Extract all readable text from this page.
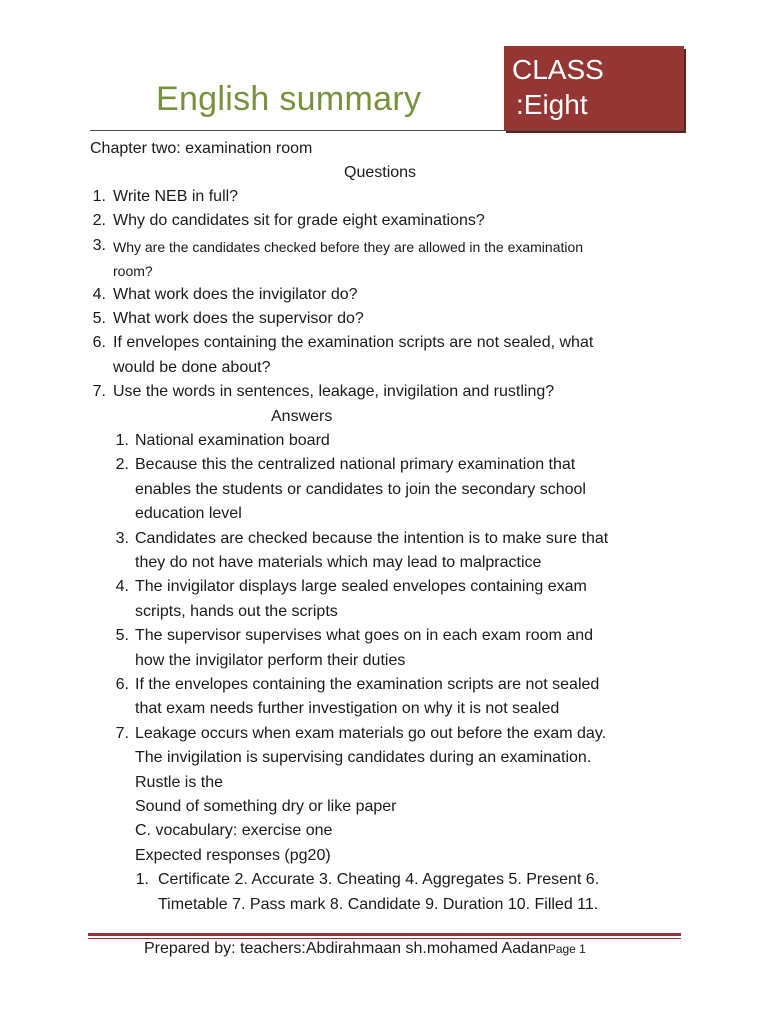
English summary
CLASS
:Eight
Chapter two: examination room
Questions
1. Write NEB in full?
2. Why do candidates sit for grade eight examinations?
3. Why are the candidates checked before they are allowed in the examination
room?
4. What work does the invigilator do?
5. What work does the supervisor do?
6. If envelopes containing the examination scripts are not sealed, what
would be done about?
7. Use the words in sentences, leakage, invigilation and rustling?
Answers
1. National examination board
2. Because this the centralized national primary examination that
enables the students or candidates to join the secondary school
education level
3. Candidates are checked because the intention is to make sure that
they do not have materials which may lead to malpractice
4. The invigilator displays large sealed envelopes containing exam
scripts, hands out the scripts
5. The supervisor supervises what goes on in each exam room and
how the invigilator perform their duties
6. If the envelopes containing the examination scripts are not sealed
that exam needs further investigation on why it is not sealed
7. Leakage occurs when exam materials go out before the exam day.
The invigilation is supervising candidates during an examination.
Rustle is the
Sound of something dry or like paper
C. vocabulary: exercise one
Expected responses (pg20)
1. Certificate 2. Accurate 3. Cheating 4. Aggregates 5. Present 6.
Timetable 7. Pass mark 8. Candidate 9. Duration 10. Filled 11.
Prepared by: teachers:Abdirahmaan sh.mohamed AadanPage 1
